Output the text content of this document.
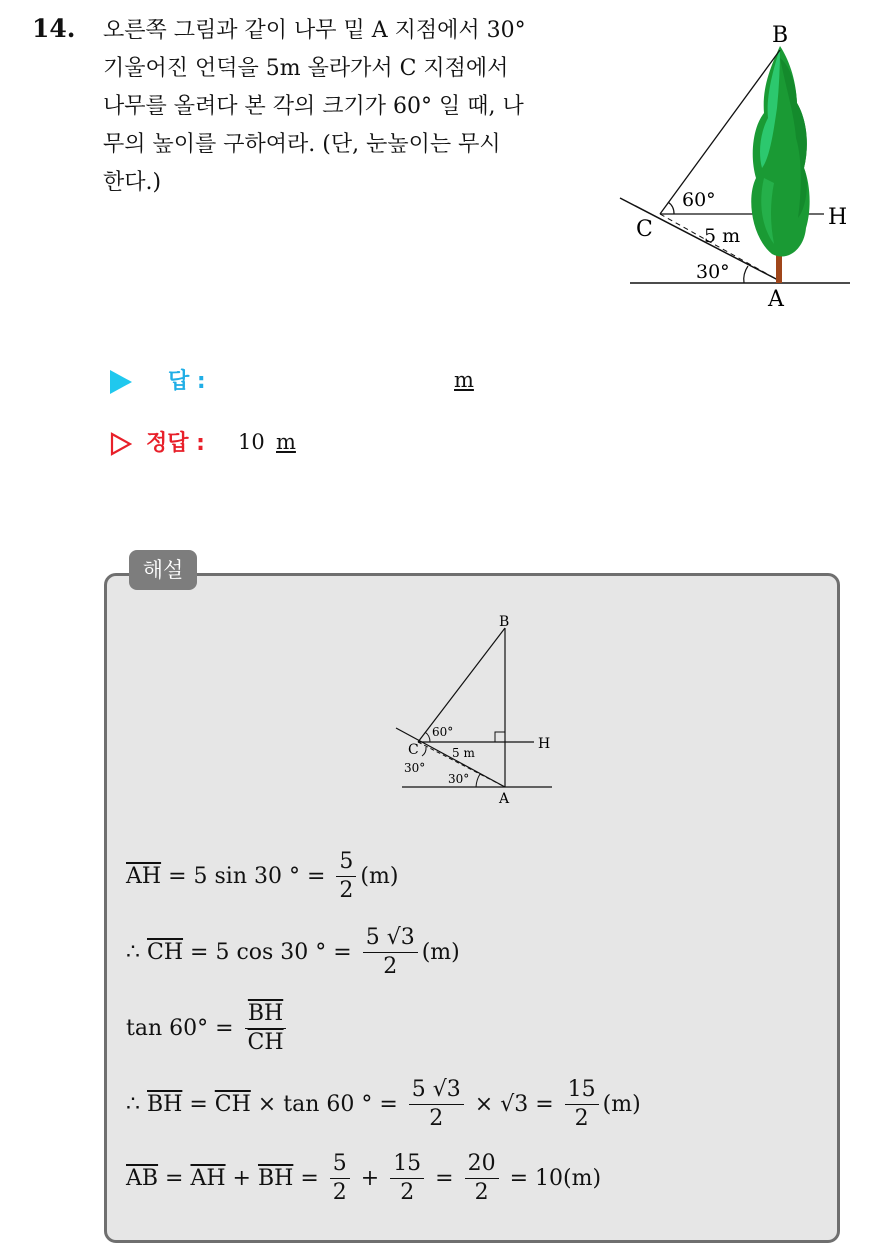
14. 오른쪽 그림과 같이 나무 밑 A 지점에서 30°
기울어진 언덕을 5m 올라가서 C 지점에서
나무를 올려다 본 각의 크기가 60° 일 때, 나
무의 높이를 구하여라. (단, 눈높이는 무시
한다.)
B
C	H
A
60°
5 m
30°
답 :	m
정답 : 10 m
해설
B
C	H
A
60°
5 m
30°
30°
$\overline{AH} = 5$ sin 30 ° = $\frac{5}{2} (m)$
∴ $\overline{CH} = 5$ cos 30 ° = $\frac{5 √3}{2} (m)$
$\tan 60^\circ = \frac{\overline{BH}}{CH}$
∴ $\overline{BH} = \overline{CH} \times \tan 60$ ° = $\frac{5 √3}{2} \times √3 = \frac{15}{2} (m)$
$\overline{AB} = \overline{AH} + \overline{BH} = \frac{5}{2} + \frac{15}{2} = \frac{20}{2} = 10(m)$
